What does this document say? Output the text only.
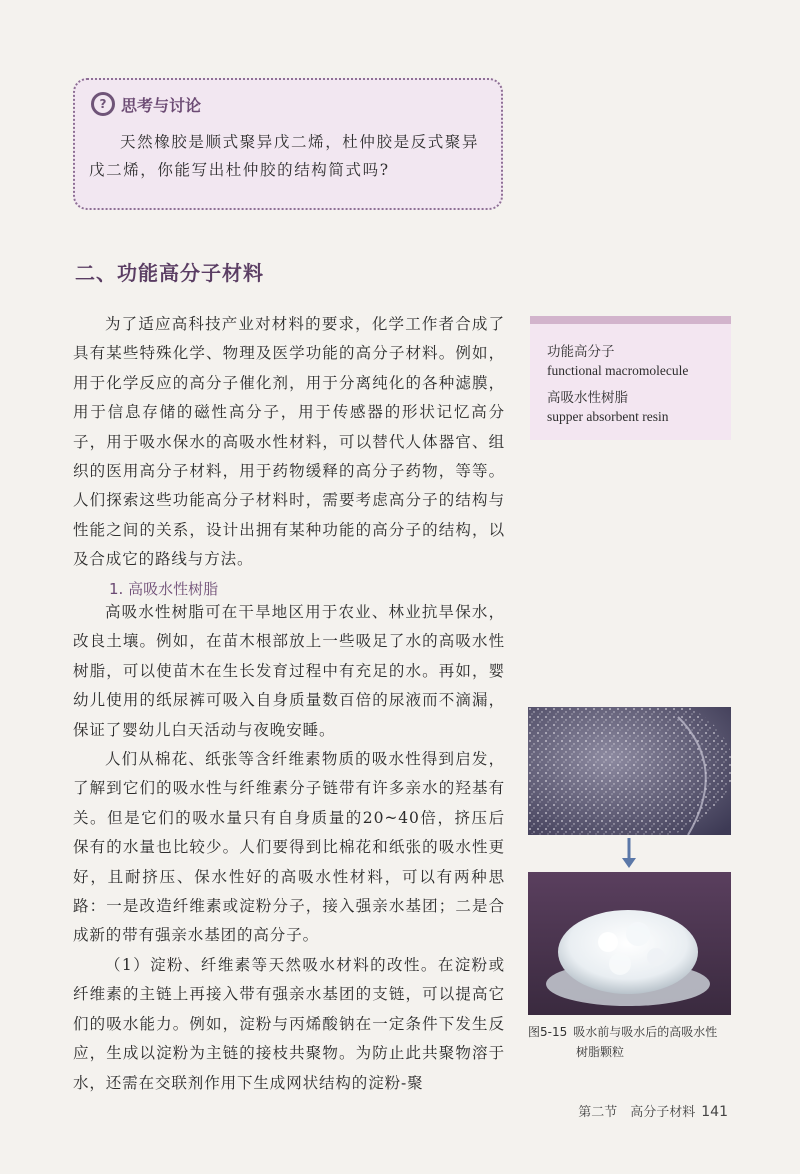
? 思考与讨论
天然橡胶是顺式聚异戊二烯，杜仲胶是反式聚异戊二烯，你能写出杜仲胶的结构简式吗?
二、功能高分子材料

为了适应高科技产业对材料的要求，化学工作者合成了具有某些特殊化学、物理及医学功能的高分子材料。例如，用于化学反应的高分子催化剂，用于分离纯化的各种滤膜，用于信息存储的磁性高分子，用于传感器的形状记忆高分子，用于吸水保水的高吸水性材料，可以替代人体器官、组织的医用高分子材料，用于药物缓释的高分子药物，等等。人们探索这些功能高分子材料时，需要考虑高分子的结构与性能之间的关系，设计出拥有某种功能的高分子的结构，以及合成它的路线与方法。

功能高分子
functional macromolecule
高吸水性树脂
supper absorbent resin
1. 高吸水性树脂

高吸水性树脂可在干旱地区用于农业、林业抗旱保水，改良土壤。例如，在苗木根部放上一些吸足了水的高吸水性树脂，可以使苗木在生长发育过程中有充足的水。再如，婴幼儿使用的纸尿裤可吸入自身质量数百倍的尿液而不滴漏，保证了婴幼儿白天活动与夜晚安睡。

人们从棉花、纸张等含纤维素物质的吸水性得到启发，了解到它们的吸水性与纤维素分子链带有许多亲水的羟基有关。但是它们的吸水量只有自身质量的20~40倍，挤压后保有的水量也比较少。人们要得到比棉花和纸张的吸水性更好，且耐挤压、保水性好的高吸水性材料，可以有两种思路：一是改造纤维素或淀粉分子，接入强亲水基团；二是合成新的带有强亲水基团的高分子。

（1）淀粉、纤维素等天然吸水材料的改性。在淀粉或纤维素的主链上再接入带有强亲水基团的支链，可以提高它们的吸水能力。例如，淀粉与丙烯酸钠在一定条件下发生反应，生成以淀粉为主链的接枝共聚物。为防止此共聚物溶于水，还需在交联剂作用下生成网状结构的淀粉-聚

图5-15 吸水前与吸水后的高吸水性
树脂颗粒
第二节　高分子材料 141
